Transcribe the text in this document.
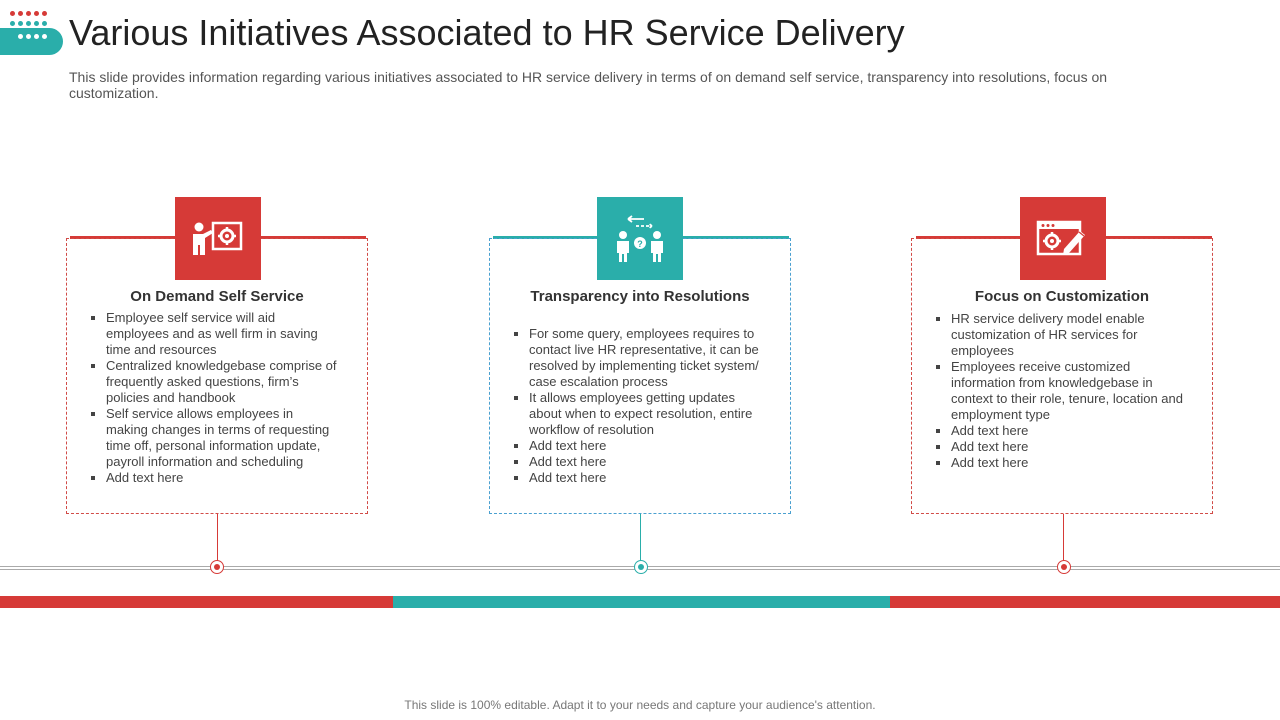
Various Initiatives Associated to HR Service Delivery

This slide provides information regarding various initiatives associated to HR service delivery in terms of on demand self service, transparency into resolutions, focus on customization.

On Demand Self Service
Employee self service will aid employees and as well firm in saving time and resources
Centralized knowledgebase comprise of frequently asked questions, firm’s policies and handbook
Self service allows employees in making changes in terms of requesting time off, personal information update, payroll information and scheduling
Add text here
?
Transparency into Resolutions
For some query, employees requires to contact live HR representative, it can be resolved by implementing ticket system/ case escalation process
It allows employees getting updates about when to expect resolution, entire workflow of resolution
Add text here
Add text here
Add text here
Focus on Customization
HR service delivery model enable customization of HR services for employees
Employees receive customized information from knowledgebase in context to their role, tenure, location and employment type
Add text here
Add text here
Add text here
This slide is 100% editable. Adapt it to your needs and capture your audience's attention.
